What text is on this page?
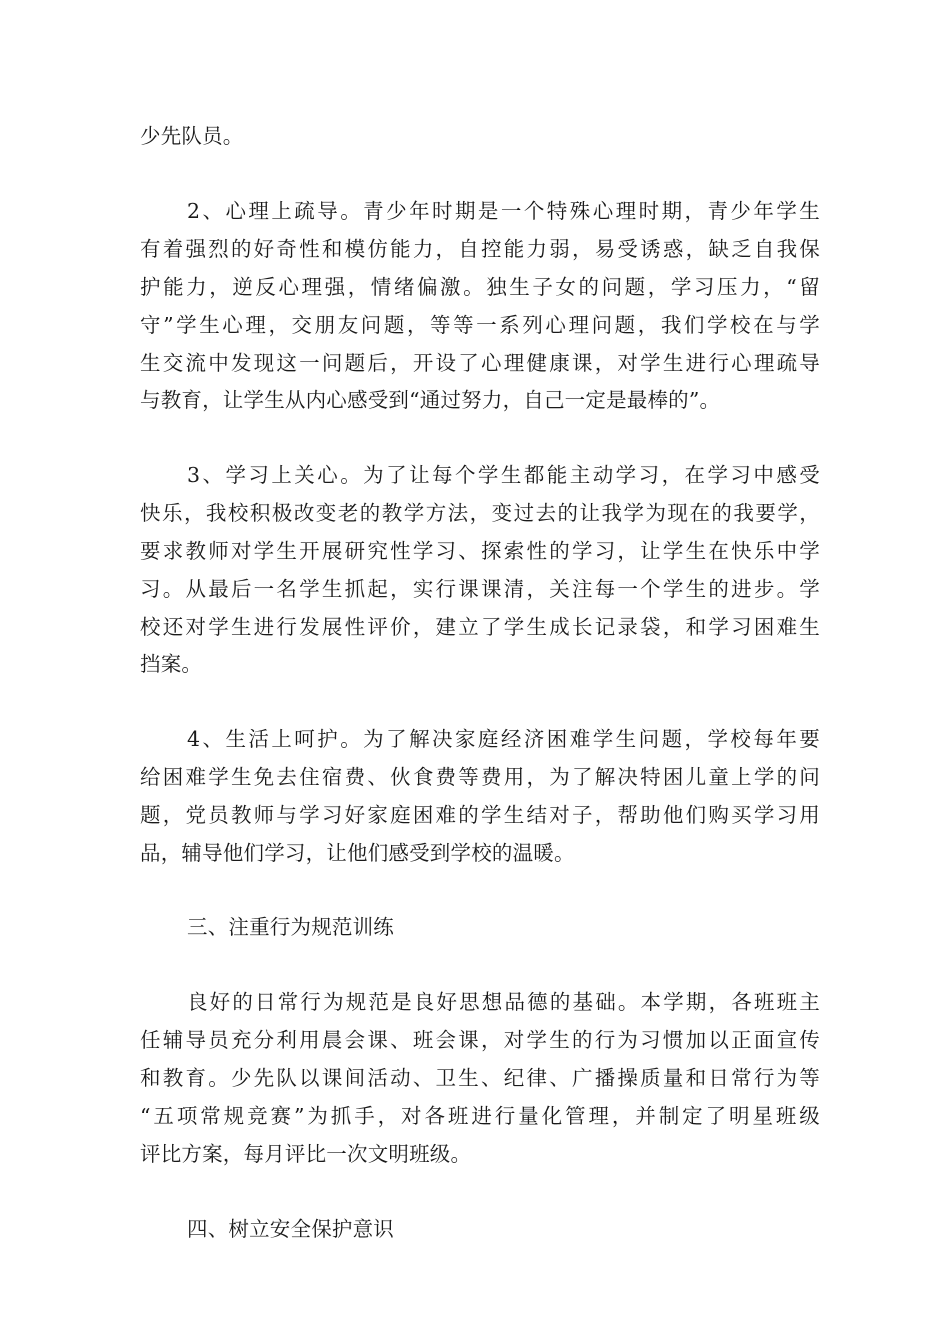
少先队员。
2、心理上疏导。青少年时期是一个特殊心理时期，青少年学生
有着强烈的好奇性和模仿能力，自控能力弱，易受诱惑，缺乏自我保
护能力，逆反心理强，情绪偏激。独生子女的问题，学习压力，“留
守”学生心理，交朋友问题，等等一系列心理问题，我们学校在与学
生交流中发现这一问题后，开设了心理健康课，对学生进行心理疏导
与教育，让学生从内心感受到“通过努力，自己一定是最棒的”。
3、学习上关心。为了让每个学生都能主动学习，在学习中感受
快乐，我校积极改变老的教学方法，变过去的让我学为现在的我要学，
要求教师对学生开展研究性学习、探索性的学习，让学生在快乐中学
习。从最后一名学生抓起，实行课课清，关注每一个学生的进步。学
校还对学生进行发展性评价，建立了学生成长记录袋，和学习困难生
挡案。
4、生活上呵护。为了解决家庭经济困难学生问题，学校每年要
给困难学生免去住宿费、伙食费等费用，为了解决特困儿童上学的问
题，党员教师与学习好家庭困难的学生结对子，帮助他们购买学习用
品，辅导他们学习，让他们感受到学校的温暖。
三、注重行为规范训练
良好的日常行为规范是良好思想品德的基础。本学期，各班班主
任辅导员充分利用晨会课、班会课，对学生的行为习惯加以正面宣传
和教育。少先队以课间活动、卫生、纪律、广播操质量和日常行为等
“五项常规竞赛”为抓手，对各班进行量化管理，并制定了明星班级
评比方案，每月评比一次文明班级。
四、树立安全保护意识
